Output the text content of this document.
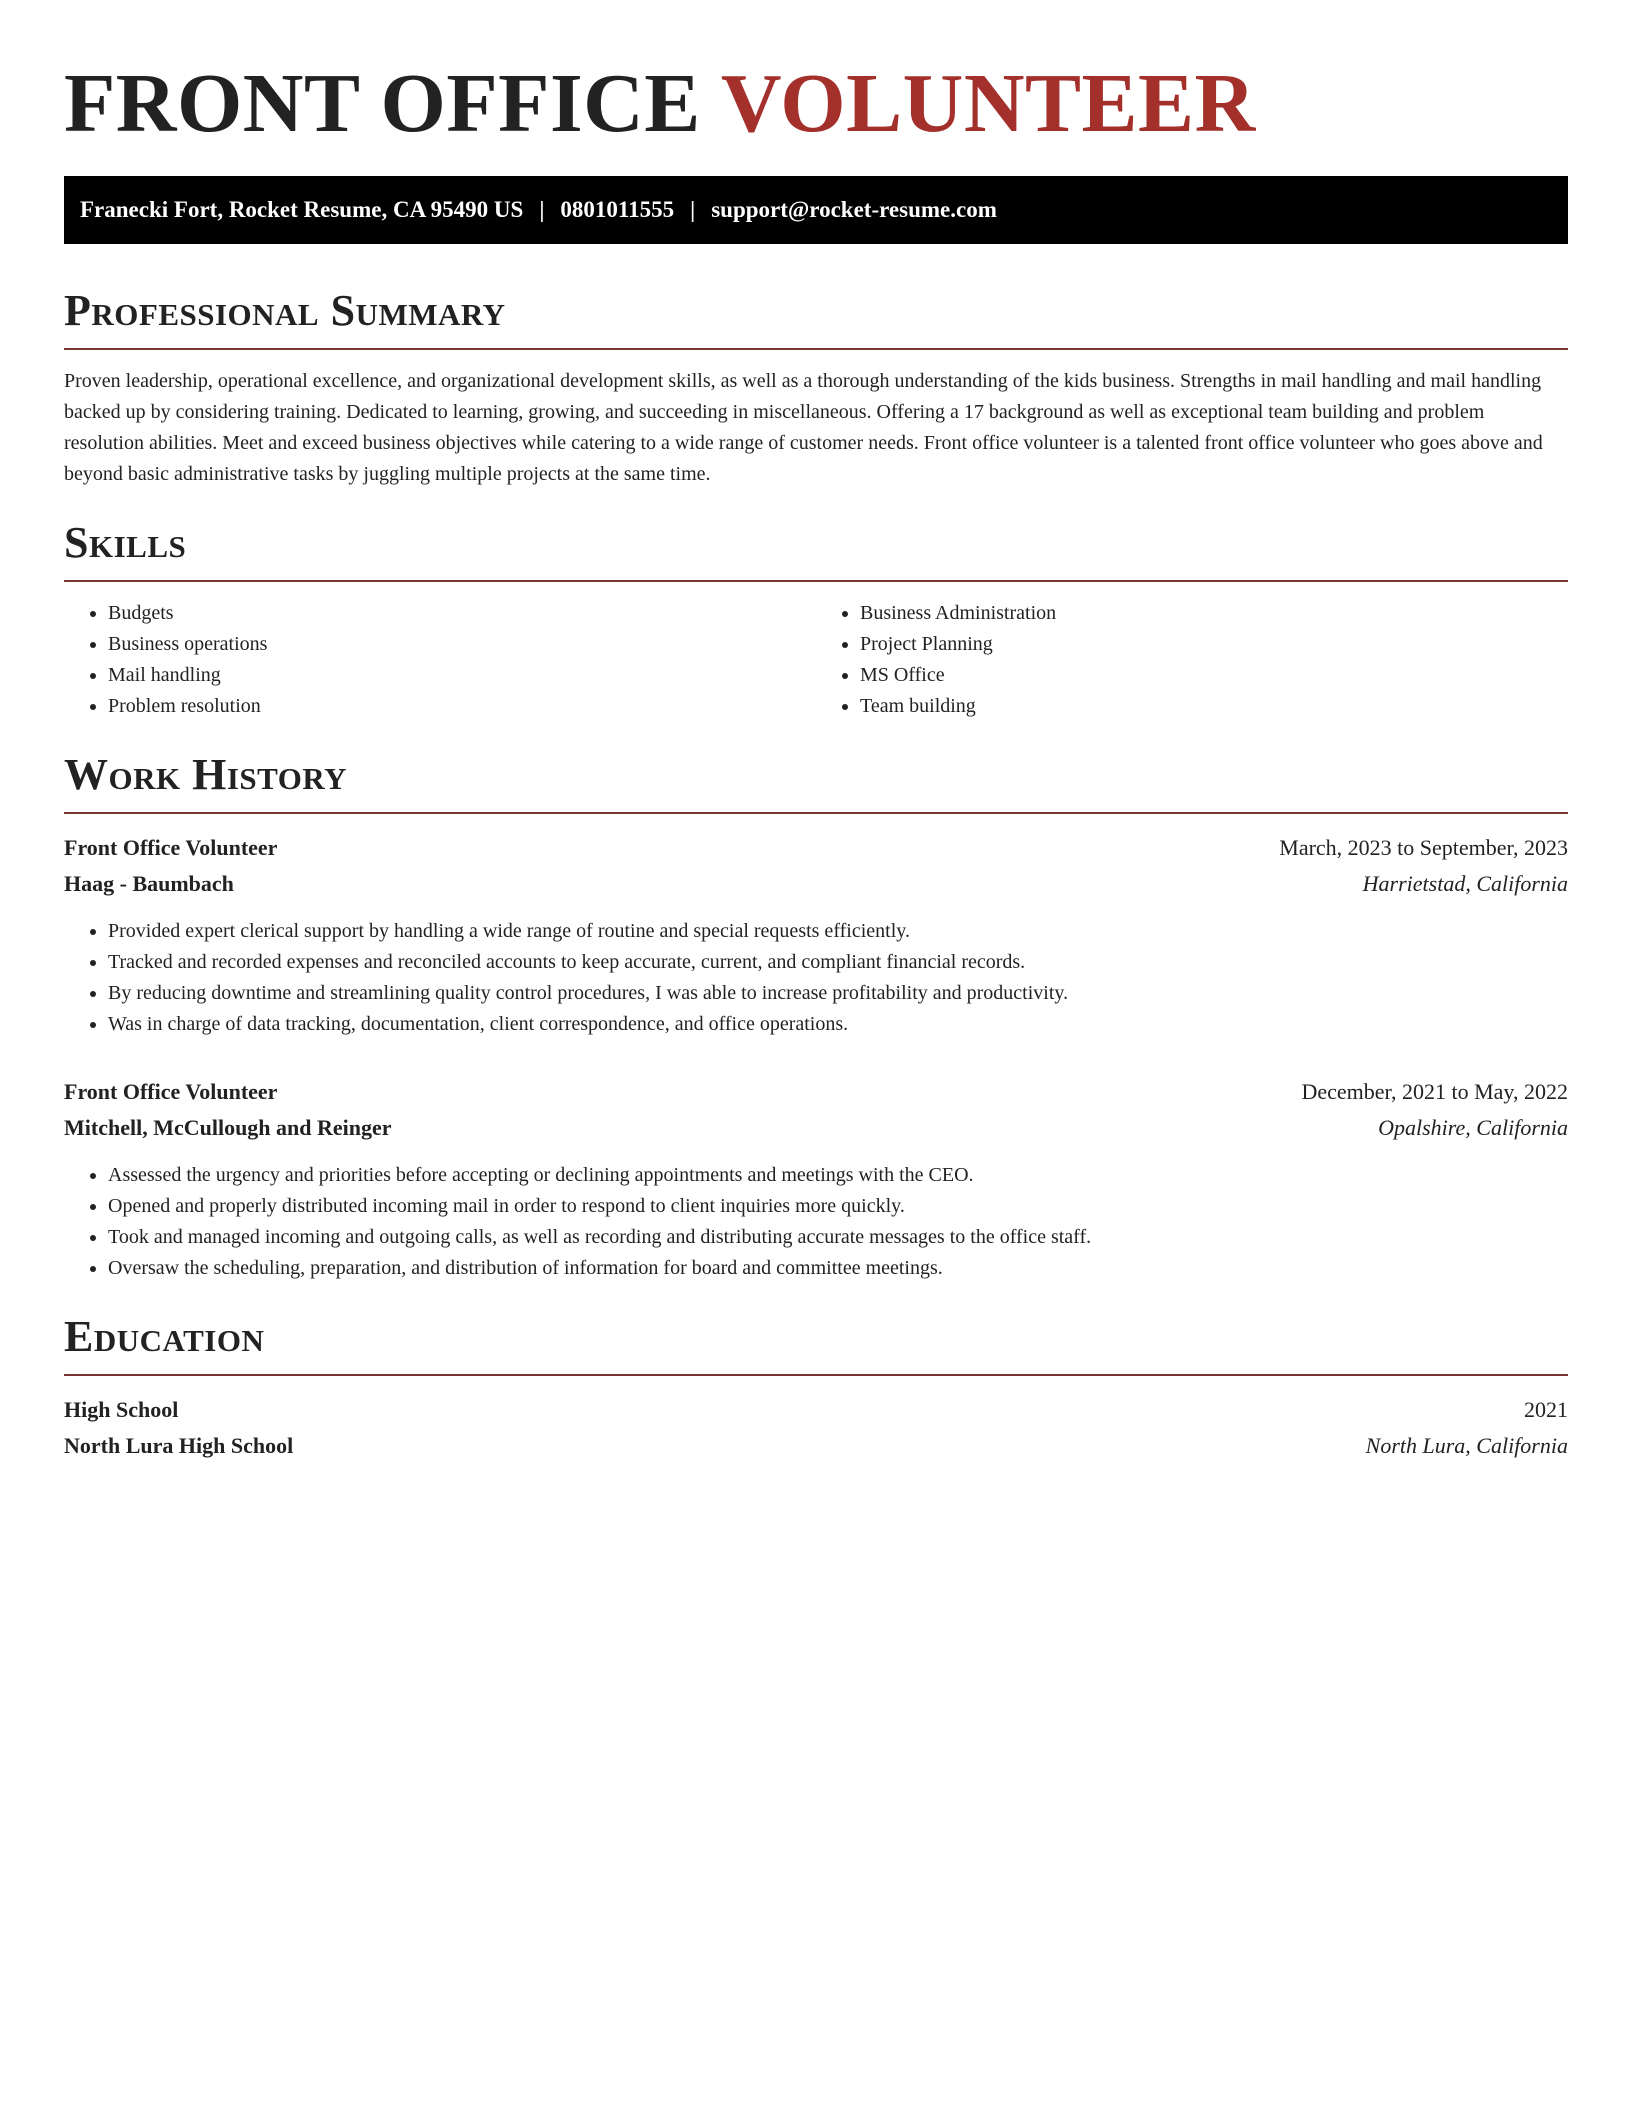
FRONT OFFICE VOLUNTEER
Franecki Fort, Rocket Resume, CA 95490 US | 0801011555 | support@rocket-resume.com
Professional Summary

Proven leadership, operational excellence, and organizational development skills, as well as a thorough understanding of the kids business. Strengths in mail handling and mail handling backed up by considering training. Dedicated to learning, growing, and succeeding in miscellaneous. Offering a 17 background as well as exceptional team building and problem resolution abilities. Meet and exceed business objectives while catering to a wide range of customer needs. Front office volunteer is a talented front office volunteer who goes above and beyond basic administrative tasks by juggling multiple projects at the same time.

Skills
• Budgets
• Business operations
• Mail handling
• Problem resolution
• Business Administration
• Project Planning
• MS Office
• Team building
Work History
Front Office Volunteer	March, 2023 to September, 2023
Haag - Baumbach	Harrietstad, California
• Provided expert clerical support by handling a wide range of routine and special requests efficiently.
• Tracked and recorded expenses and reconciled accounts to keep accurate, current, and compliant financial records.
• By reducing downtime and streamlining quality control procedures, I was able to increase profitability and productivity.
• Was in charge of data tracking, documentation, client correspondence, and office operations.
Front Office Volunteer	December, 2021 to May, 2022
Mitchell, McCullough and Reinger	Opalshire, California
• Assessed the urgency and priorities before accepting or declining appointments and meetings with the CEO.
• Opened and properly distributed incoming mail in order to respond to client inquiries more quickly.
• Took and managed incoming and outgoing calls, as well as recording and distributing accurate messages to the office staff.
• Oversaw the scheduling, preparation, and distribution of information for board and committee meetings.
Education
High School	2021
North Lura High School	North Lura, California
